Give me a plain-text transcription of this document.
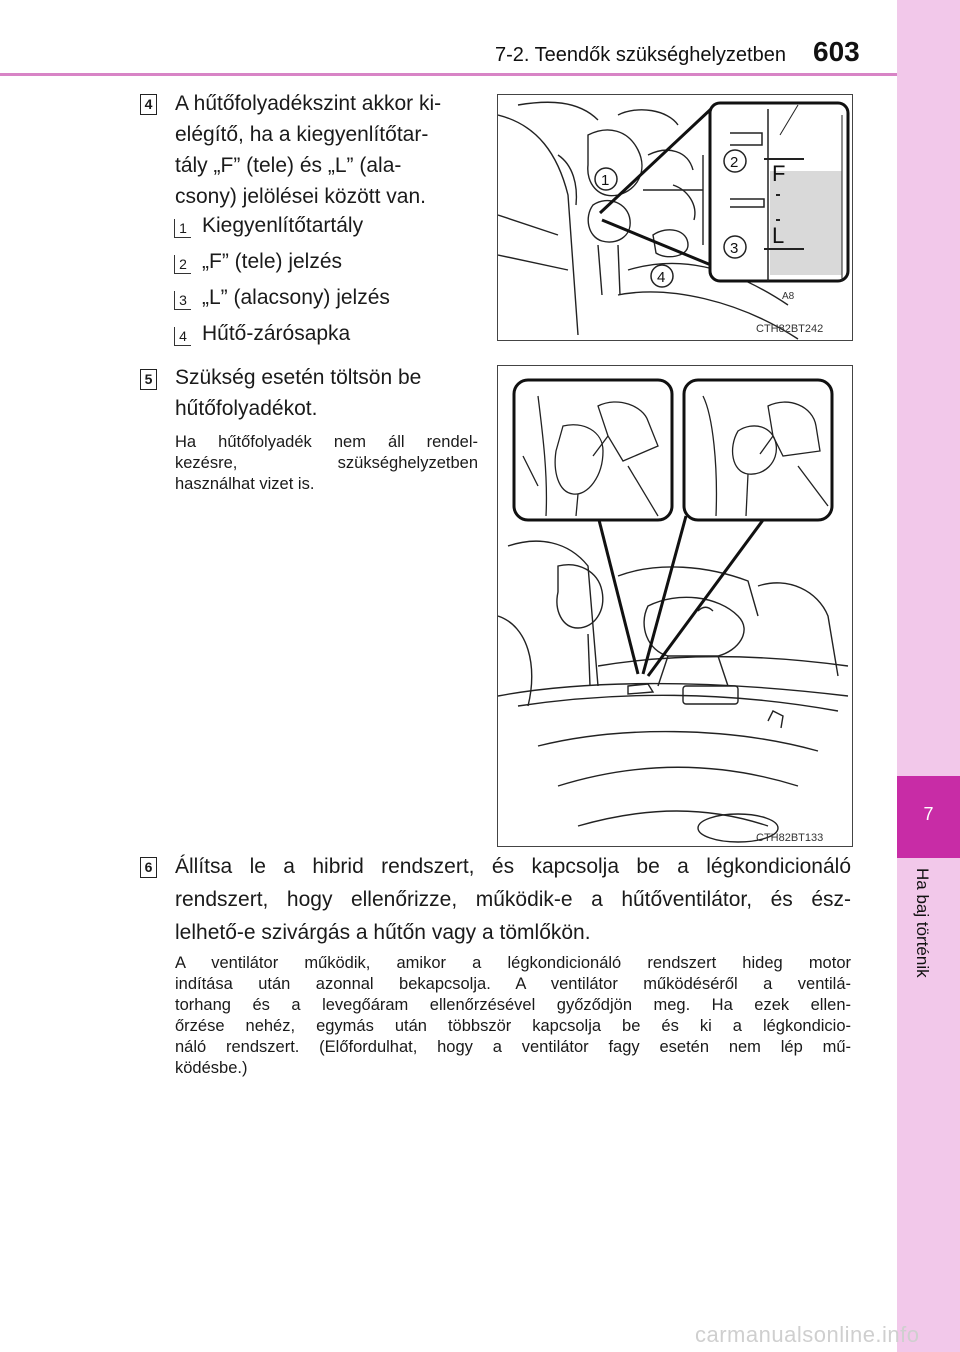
7
Ha baj történik
7-2. Teendők szükséghelyzetben 603
4 A hűtőfolyadékszint akkor ki-
elégítő, ha a kiegyenlítőtar-
tály „F” (tele) és „L” (ala-
csony) jelölései között van.
1 Kiegyenlítőtartály
2 „F” (tele) jelzés
3 „L” (alacsony) jelzés
4 Hűtő-zárósapka
F
L
A8
1
2
3
4
CTH82BT242
5 Szükség esetén töltsön be
hűtőfolyadékot.
Ha hűtőfolyadék nem áll rendel-
kezésre, szükséghelyzetben
használhat vizet is.
CTH82BT133
6 Állítsa le a hibrid rendszert, és kapcsolja be a légkondicionáló
rendszert, hogy ellenőrizze, működik-e a hűtőventilátor, és ész-
lelhető-e szivárgás a hűtőn vagy a tömlőkön.
A ventilátor működik, amikor a légkondicionáló rendszert hideg motor
indítása után azonnal bekapcsolja. A ventilátor működéséről a ventilá-
torhang és a levegőáram ellenőrzésével győződjön meg. Ha ezek ellen-
őrzése nehéz, egymás után többször kapcsolja be és ki a légkondicio-
náló rendszert. (Előfordulhat, hogy a ventilátor fagy esetén nem lép mű-
ködésbe.)
carmanualsonline.info
